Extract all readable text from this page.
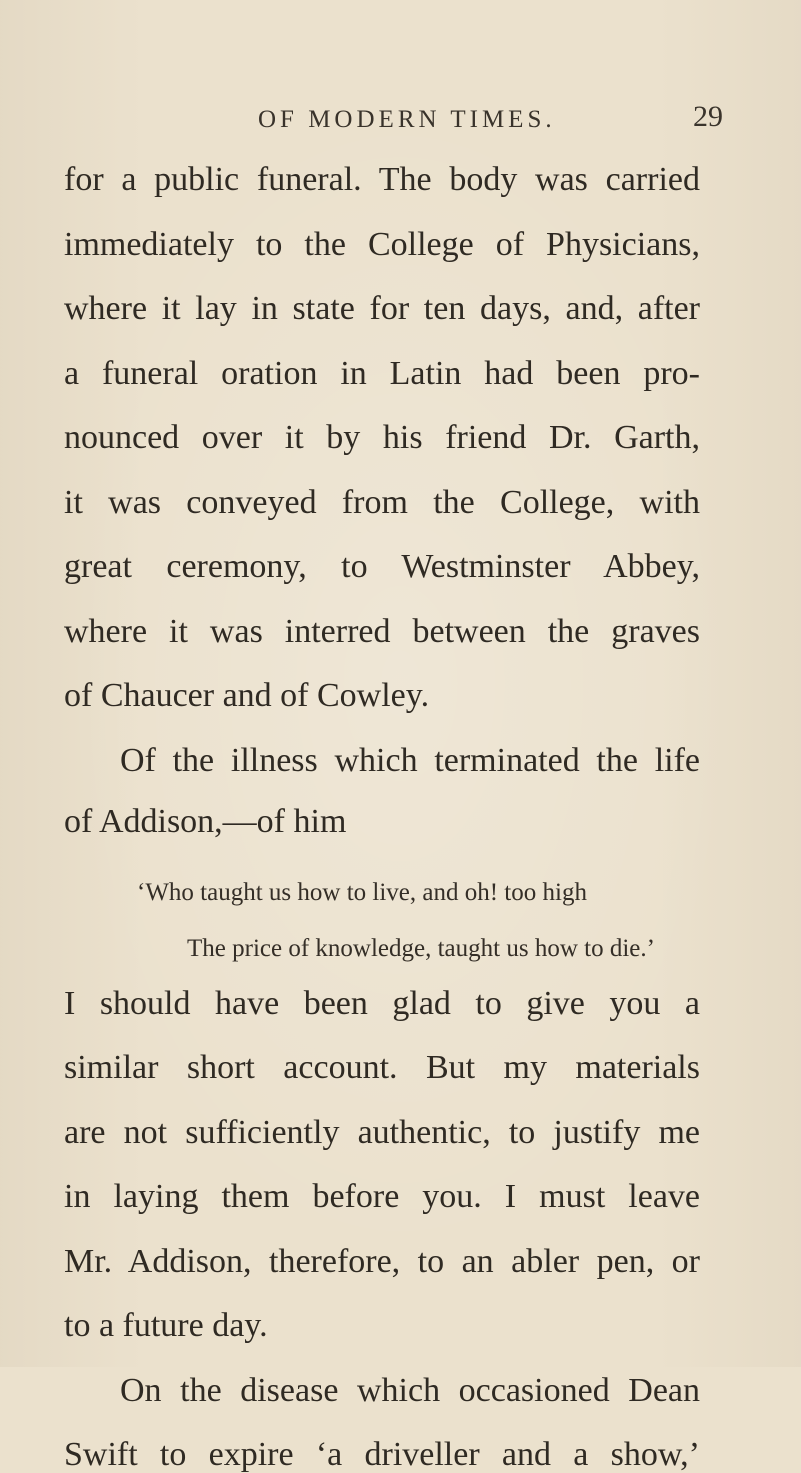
OF MODERN TIMES.	29

for a public funeral. The body was carried

immediately to the College of Physicians,

where it lay in state for ten days, and, after

a funeral oration in Latin had been pro-

nounced over it by his friend Dr. Garth,

it was conveyed from the College, with

great ceremony, to Westminster Abbey,

where it was interred between the graves

of Chaucer and of Cowley.

Of the illness which terminated the life

of Addison,—of him

‘Who taught us how to live, and oh! too high

The price of knowledge, taught us how to die.’

I should have been glad to give you a

similar short account. But my materials

are not sufficiently authentic, to justify me

in laying them before you. I must leave

Mr. Addison, therefore, to an abler pen, or

to a future day.

On the disease which occasioned Dean

Swift to expire ‘a driveller and a show,’
